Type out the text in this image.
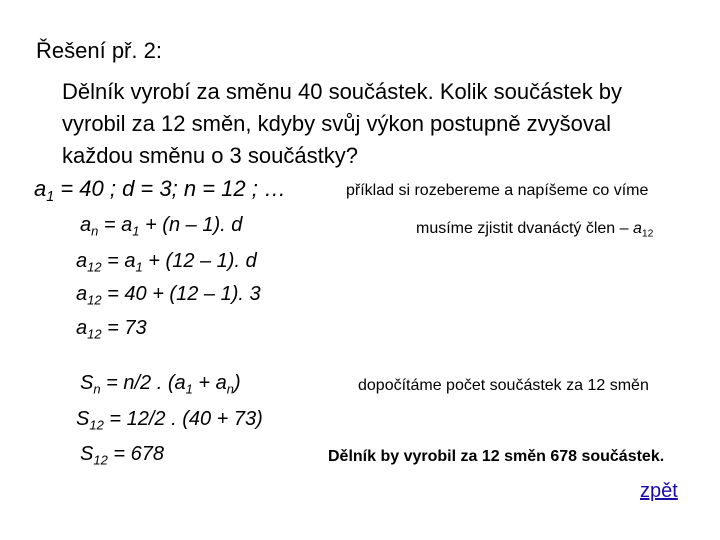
Řešení př. 2:
Dělník vyrobí za směnu 40 součástek. Kolik součástek by
vyrobil za 12 směn, kdyby svůj výkon postupně zvyšoval
každou směnu o 3 součástky?
$a_1 = 40$ ; d = 3; n = 12 ; …	příklad si rozebereme a napíšeme co víme
$a_n = a_1 + (n - 1)$. d	musíme zjistit dvanáctý člen – $a_{12}$
$a_{12} = a_1 + (12 - 1)$. d
$a_{12} = 40 + (12 - 1)$. 3
$a_{12} = 73$
$S_n = n/2$ . $(a_1 + a_n)$	dopočítáme počet součástek za 12 směn
$S_{12} = 12/2$ . (40 + 73)
$S_{12} = 678$	Dělník by vyrobil za 12 směn 678 součástek.
zpět
